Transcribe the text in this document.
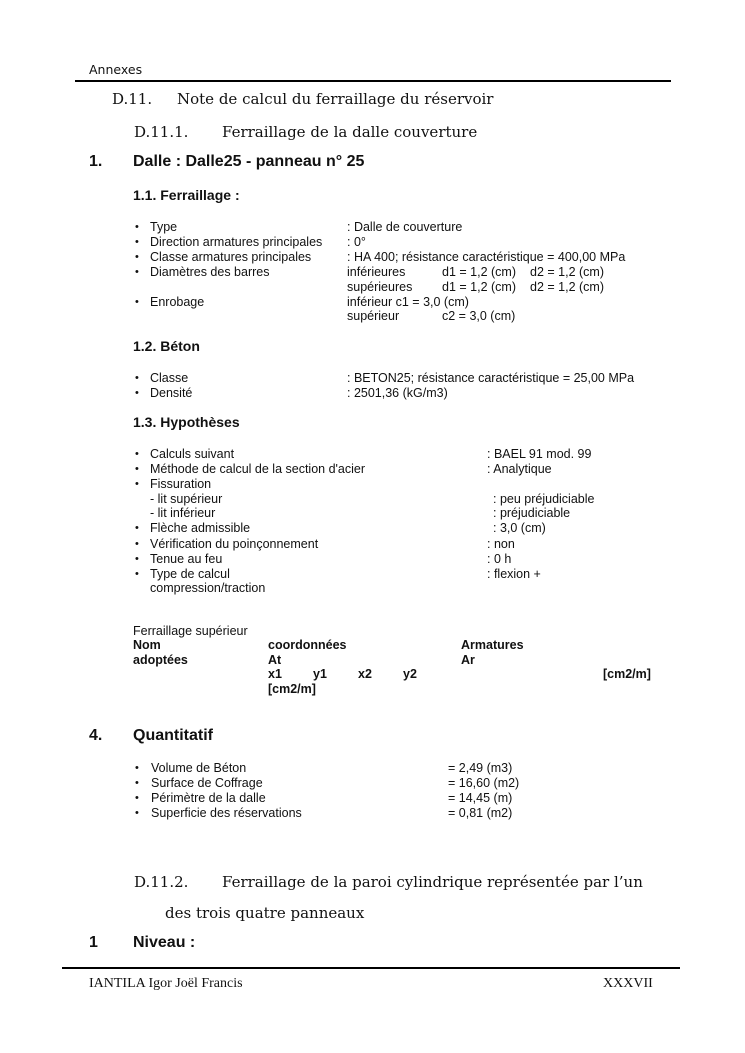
Annexes
D.11. Note de calcul du ferraillage du réservoir
D.11.1. Ferraillage de la dalle couverture
1. Dalle : Dalle25 - panneau n° 25
1.1. Ferraillage :
• Type	: Dalle de couverture
• Direction armatures principales : 0°
• Classe armatures principales	: HA 400; résistance caractéristique = 400,00 MPa
• Diamètres des barres	inférieures	d1 = 1,2 (cm) d2 = 1,2 (cm)
supérieures d1 = 1,2 (cm) d2 = 1,2 (cm)
• Enrobage	inférieur c1 = 3,0 (cm)
supérieur	c2 = 3,0 (cm)
1.2. Béton
• Classe	: BETON25; résistance caractéristique = 25,00 MPa
• Densité	: 2501,36 (kG/m3)
1.3. Hypothèses
• Calculs suivant	: BAEL 91 mod. 99
• Méthode de calcul de la section d'acier	: Analytique
• Fissuration
- lit supérieur	: peu préjudiciable
- lit inférieur	: préjudiciable
• Flèche admissible	: 3,0 (cm)
• Vérification du poinçonnement	: non
• Tenue au feu	: 0 h
• Type de calcul	: flexion +
compression/traction
Ferraillage supérieur
Nom	coordonnées	Armatures
adoptées	At	Ar
x1 y1 x2 y2	[cm2/m]
[cm2/m]
4. Quantitatif
• Volume de Béton	= 2,49 (m3)
• Surface de Coffrage	= 16,60 (m2)
• Périmètre de la dalle	= 14,45 (m)
• Superficie des réservations	= 0,81 (m2)
D.11.2. Ferraillage de la paroi cylindrique représentée par l’un
des trois quatre panneaux
1 Niveau :
IANTILA Igor Joël Francis	XXXVII
